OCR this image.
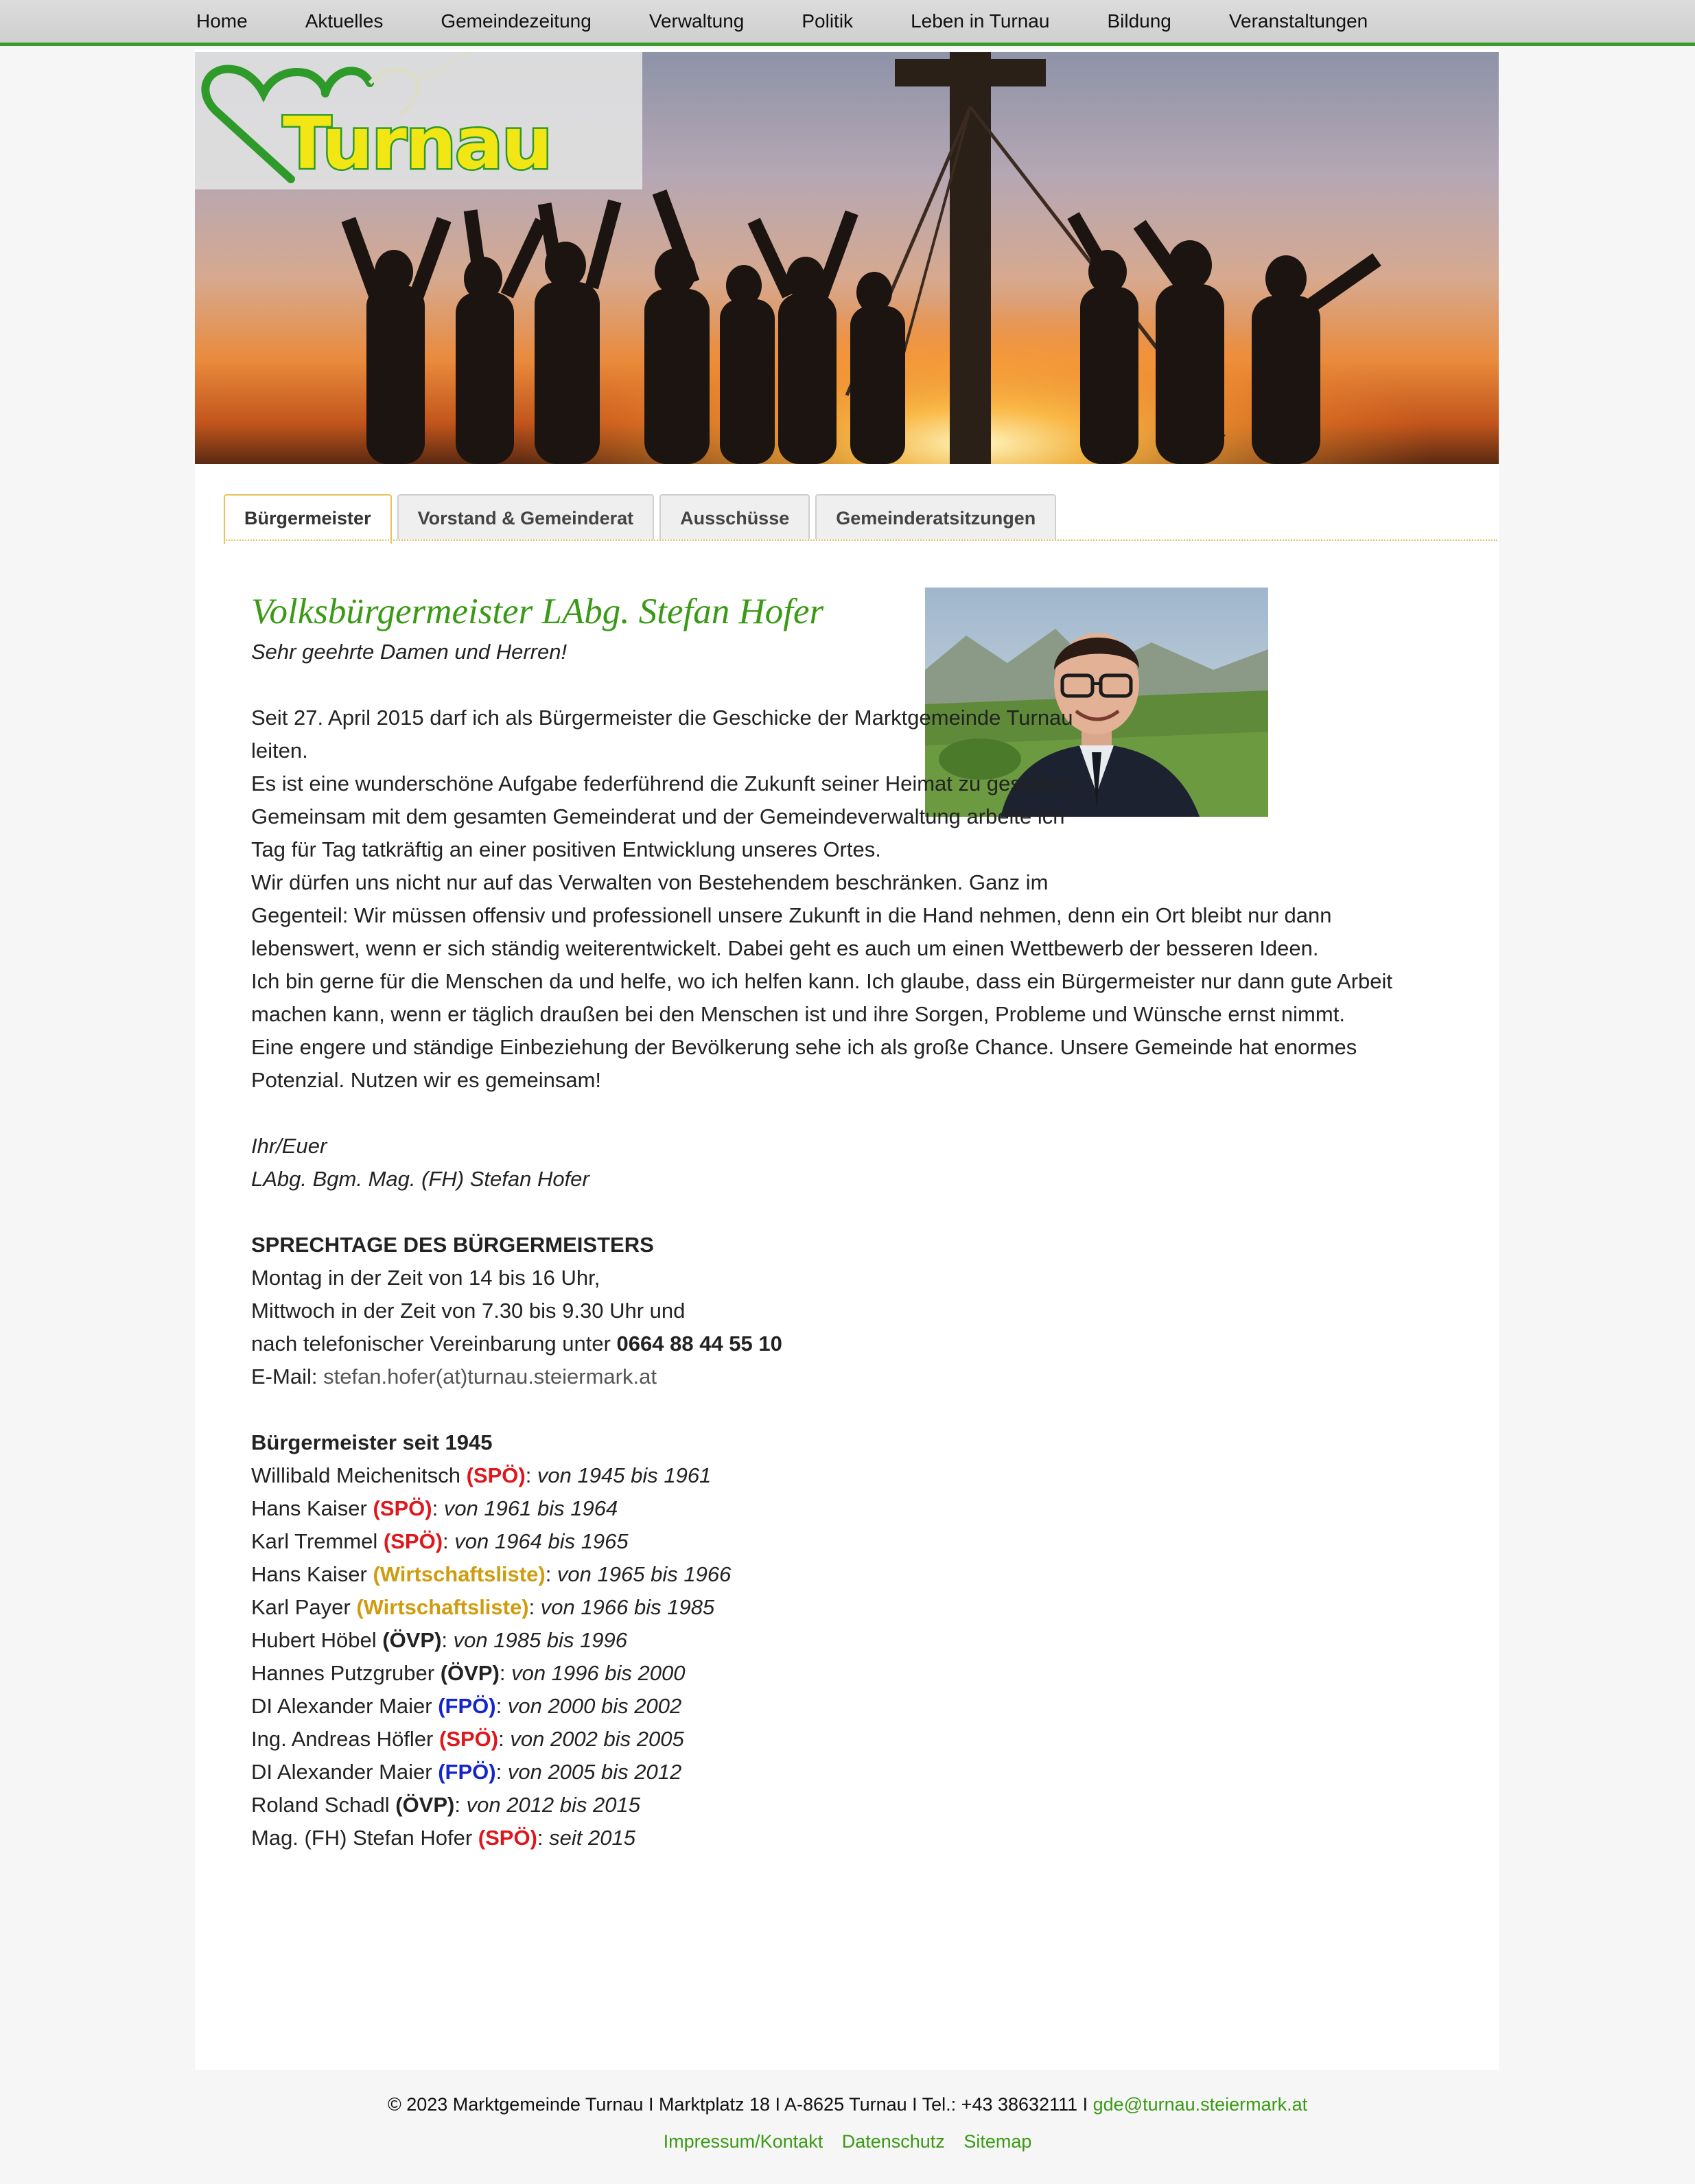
Home	Aktuelles	Gemeindezeitung	Verwaltung	Politik	Leben in Turnau	Bildung	Veranstaltungen
Turnau
Bürgermeister	Vorstand & Gemeinderat	Ausschüsse	Gemeinderatsitzungen
Volksbürgermeister LAbg. Stefan Hofer

Sehr geehrte Damen und Herren!

Seit 27. April 2015 darf ich als Bürgermeister die Geschicke der Marktgemeinde Turnau

leiten.

Es ist eine wunderschöne Aufgabe federführend die Zukunft seiner Heimat zu gestalten.

Gemeinsam mit dem gesamten Gemeinderat und der Gemeindeverwaltung arbeite ich

Tag für Tag tatkräftig an einer positiven Entwicklung unseres Ortes.

Wir dürfen uns nicht nur auf das Verwalten von Bestehendem beschränken. Ganz im

Gegenteil: Wir müssen offensiv und professionell unsere Zukunft in die Hand nehmen, denn ein Ort bleibt nur dann

lebenswert, wenn er sich ständig weiterentwickelt. Dabei geht es auch um einen Wettbewerb der besseren Ideen.

Ich bin gerne für die Menschen da und helfe, wo ich helfen kann. Ich glaube, dass ein Bürgermeister nur dann gute Arbeit

machen kann, wenn er täglich draußen bei den Menschen ist und ihre Sorgen, Probleme und Wünsche ernst nimmt.

Eine engere und ständige Einbeziehung der Bevölkerung sehe ich als große Chance. Unsere Gemeinde hat enormes

Potenzial. Nutzen wir es gemeinsam!

Ihr/Euer

LAbg. Bgm. Mag. (FH) Stefan Hofer

SPRECHTAGE DES BÜRGERMEISTERS

Montag in der Zeit von 14 bis 16 Uhr,

Mittwoch in der Zeit von 7.30 bis 9.30 Uhr und

nach telefonischer Vereinbarung unter 0664 88 44 55 10

E-Mail: stefan.hofer(at)turnau.steiermark.at

Bürgermeister seit 1945

Willibald Meichenitsch (SPÖ): von 1945 bis 1961

Hans Kaiser (SPÖ): von 1961 bis 1964

Karl Tremmel (SPÖ): von 1964 bis 1965

Hans Kaiser (Wirtschaftsliste): von 1965 bis 1966

Karl Payer (Wirtschaftsliste): von 1966 bis 1985

Hubert Höbel (ÖVP): von 1985 bis 1996

Hannes Putzgruber (ÖVP): von 1996 bis 2000

DI Alexander Maier (FPÖ): von 2000 bis 2002

Ing. Andreas Höfler (SPÖ): von 2002 bis 2005

DI Alexander Maier (FPÖ): von 2005 bis 2012

Roland Schadl (ÖVP): von 2012 bis 2015

Mag. (FH) Stefan Hofer (SPÖ): seit 2015

© 2023 Marktgemeinde Turnau I Marktplatz 18 I A-8625 Turnau I Tel.: +43 38632111 I gde@turnau.steiermark.at
Impressum/Kontakt Datenschutz Sitemap
